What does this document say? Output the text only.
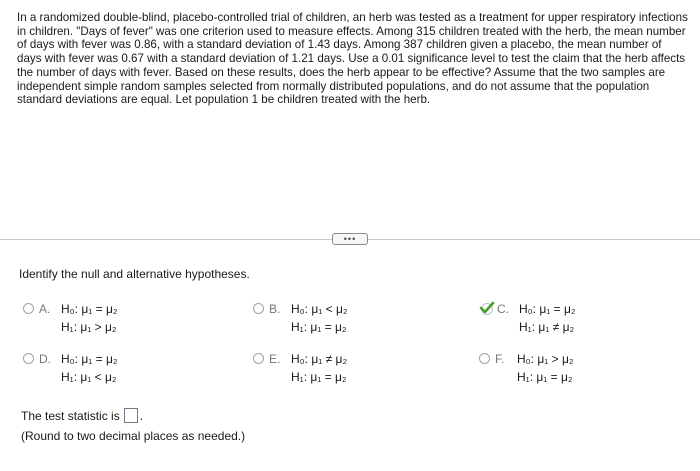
In a randomized double-blind, placebo-controlled trial of children, an herb was tested as a treatment for upper respiratory infections in children. "Days of fever" was one criterion used to measure effects. Among 315 children treated with the herb, the mean number of days with fever was 0.86, with a standard deviation of 1.43 days. Among 387 children given a placebo, the mean number of days with fever was 0.67 with a standard deviation of 1.21 days. Use a 0.01 significance level to test the claim that the herb affects the number of days with fever. Based on these results, does the herb appear to be effective? Assume that the two samples are independent simple random samples selected from normally distributed populations, and do not assume that the population standard deviations are equal. Let population 1 be children treated with the herb.
•••
Identify the null and alternative hypotheses.
A. H₀: μ₁ = μ₂
H₁: μ₁ > μ₂
B. H₀: μ₁ < μ₂
H₁: μ₁ = μ₂
C. H₀: μ₁ = μ₂
H₁: μ₁ ≠ μ₂
D. H₀: μ₁ = μ₂
H₁: μ₁ < μ₂
E. H₀: μ₁ ≠ μ₂
H₁: μ₁ = μ₂
F.	H₀: μ₁ > μ₂
H₁: μ₁ = μ₂
The test statistic is .
(Round to two decimal places as needed.)
